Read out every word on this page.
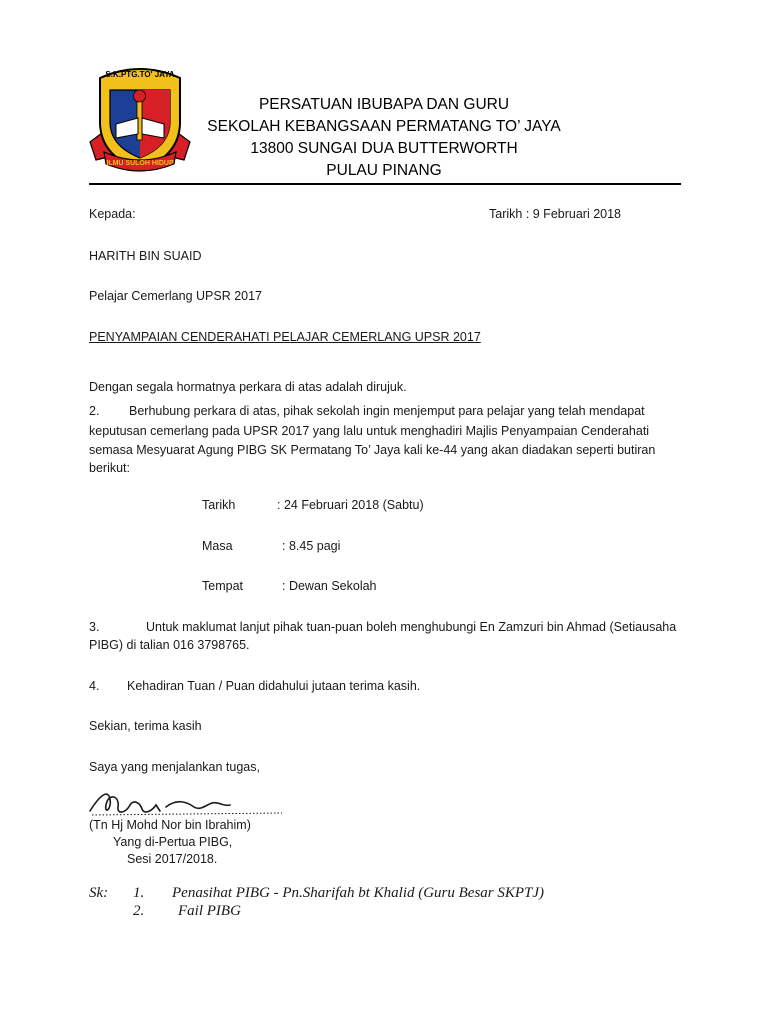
S.K.PTG.TO' JAYA
ILMU SULOH HIDUP
PERSATUAN IBUBAPA DAN GURU
SEKOLAH KEBANGSAAN PERMATANG TO’ JAYA
13800 SUNGAI DUA BUTTERWORTH
PULAU PINANG
Kepada:	Tarikh : 9 Februari 2018
HARITH BIN SUAID
Pelajar Cemerlang UPSR 2017
PENYAMPAIAN CENDERAHATI PELAJAR CEMERLANG UPSR 2017
Dengan segala hormatnya perkara di atas adalah dirujuk.
2. Berhubung perkara di atas, pihak sekolah ingin menjemput para pelajar yang telah mendapat
keputusan cemerlang pada UPSR 2017 yang lalu untuk menghadiri Majlis Penyampaian Cenderahati semasa Mesyuarat Agung PIBG SK Permatang To’ Jaya kali ke-44 yang akan diadakan seperti butiran berikut:
Tarikh	: 24 Februari 2018 (Sabtu)
Masa	: 8.45 pagi
Tempat	: Dewan Sekolah
3.	Untuk maklumat lanjut pihak tuan-puan boleh menghubungi En Zamzuri bin Ahmad (Setiausaha
PIBG) di talian 016 3798765.
4. Kehadiran Tuan / Puan didahului jutaan terima kasih.
Sekian, terima kasih
Saya yang menjalankan tugas,
(Tn Hj Mohd Nor bin Ibrahim)
Yang di-Pertua PIBG,
Sesi 2017/2018.
Sk: 1. Penasihat PIBG - Pn.Sharifah bt Khalid (Guru Besar SKPTJ)
2. Fail PIBG
